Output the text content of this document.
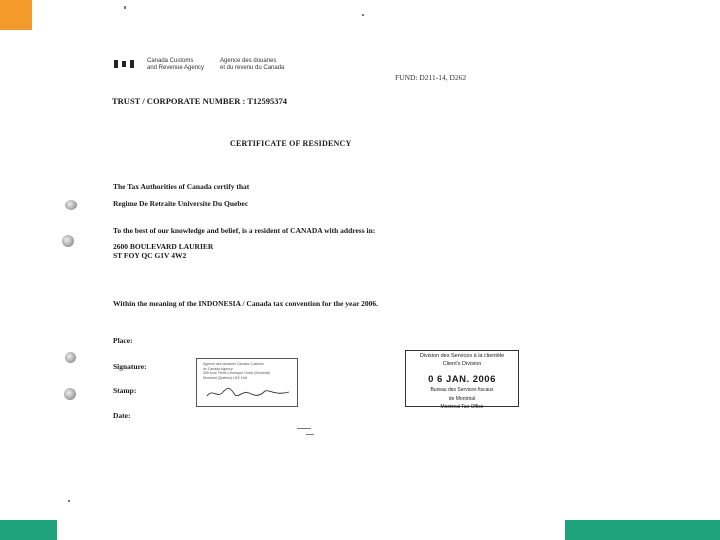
Canada Customs
and Revenue Agency
Agence des douanes
et du revenu du Canada
FUND: D211-14, D262
TRUST / CORPORATE NUMBER : T12595374
CERTIFICATE OF RESIDENCY
The Tax Authorities of Canada certify that
Regime De Retraite Universite Du Quebec
To the best of our knowledge and belief, is a resident of CANADA with address in:
2600 BOULEVARD LAURIER
ST FOY QC G1V 4W2
Within the meaning of the INDONESIA / Canada tax convention for the year 2006.
Place:
Signature:
Stamp:
Date:
Agence des douanes Canada Customs
du Canada Agency
305 boul. René-Lévesque Ouest (Montréal)
Montréal (Québec) H2Z 1A6
Division des Services à la clientèle
Client's Division
0 6 JAN. 2006
Bureau des Services fiscaux
de Montréal
Montreal Tax Office
